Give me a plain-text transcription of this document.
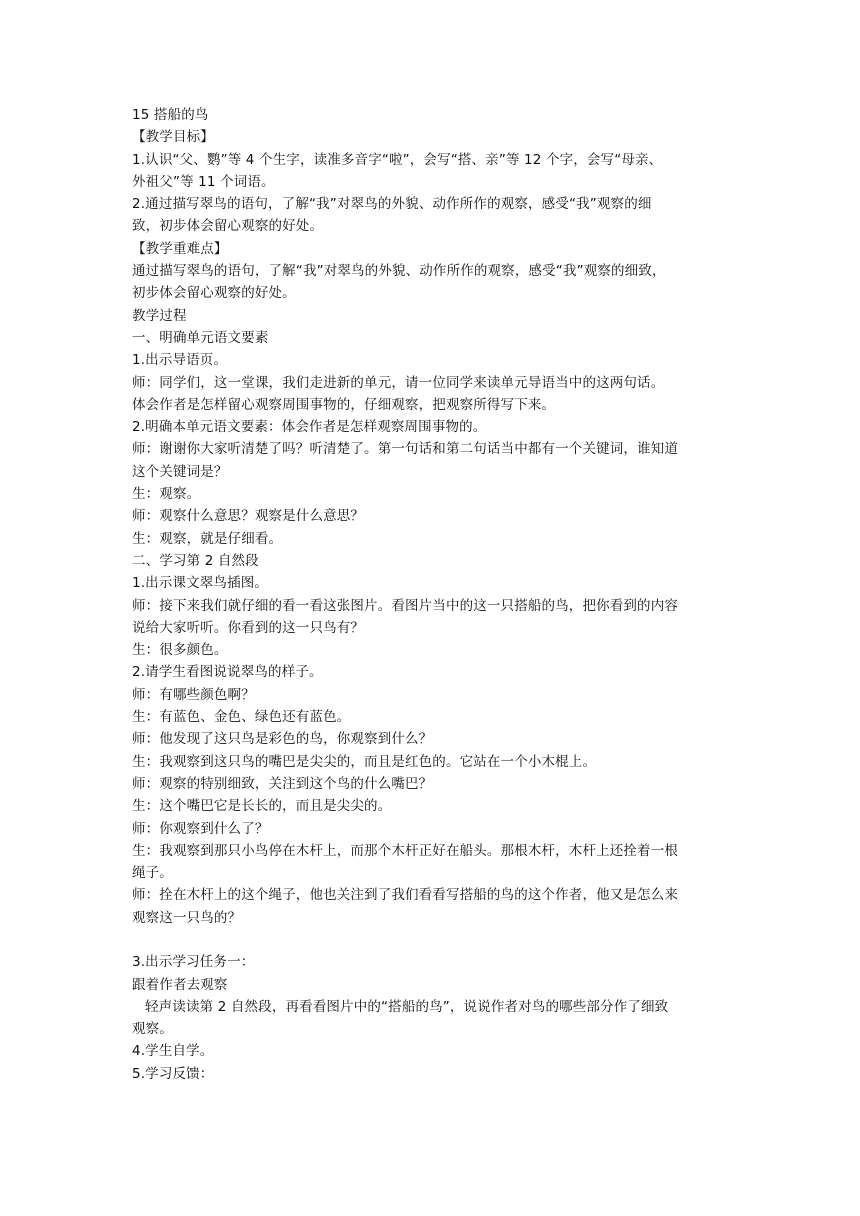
15 搭船的鸟
【教学目标】
1.认识“父、鹦”等 4 个生字，读准多音字“啦”，会写“搭、亲”等 12 个字，会写“母亲、
外祖父”等 11 个词语。
2.通过描写翠鸟的语句，了解“我”对翠鸟的外貌、动作所作的观察，感受“我”观察的细
致，初步体会留心观察的好处。
【教学重难点】
通过描写翠鸟的语句，了解“我”对翠鸟的外貌、动作所作的观察，感受“我”观察的细致，
初步体会留心观察的好处。
教学过程
一、明确单元语文要素
1.出示导语页。
师：同学们，这一堂课，我们走进新的单元，请一位同学来读单元导语当中的这两句话。
体会作者是怎样留心观察周围事物的，仔细观察，把观察所得写下来。
2.明确本单元语文要素：体会作者是怎样观察周围事物的。
师：谢谢你大家听清楚了吗？听清楚了。第一句话和第二句话当中都有一个关键词，谁知道
这个关键词是？
生：观察。
师：观察什么意思？观察是什么意思？
生：观察，就是仔细看。
二、学习第 2 自然段
1.出示课文翠鸟插图。
师：接下来我们就仔细的看一看这张图片。看图片当中的这一只搭船的鸟，把你看到的内容
说给大家听听。你看到的这一只鸟有？
生：很多颜色。
2.请学生看图说说翠鸟的样子。
师：有哪些颜色啊？
生：有蓝色、金色、绿色还有蓝色。
师：他发现了这只鸟是彩色的鸟，你观察到什么？
生：我观察到这只鸟的嘴巴是尖尖的，而且是红色的。它站在一个小木棍上。
师：观察的特别细致，关注到这个鸟的什么嘴巴？
生：这个嘴巴它是长长的，而且是尖尖的。
师：你观察到什么了？
生：我观察到那只小鸟停在木杆上，而那个木杆正好在船头。那根木杆，木杆上还拴着一根
绳子。
师：拴在木杆上的这个绳子，他也关注到了我们看看写搭船的鸟的这个作者，他又是怎么来
观察这一只鸟的？
3.出示学习任务一：
跟着作者去观察
轻声读读第 2 自然段，再看看图片中的“搭船的鸟”，说说作者对鸟的哪些部分作了细致
观察。
4.学生自学。
5.学习反馈：
